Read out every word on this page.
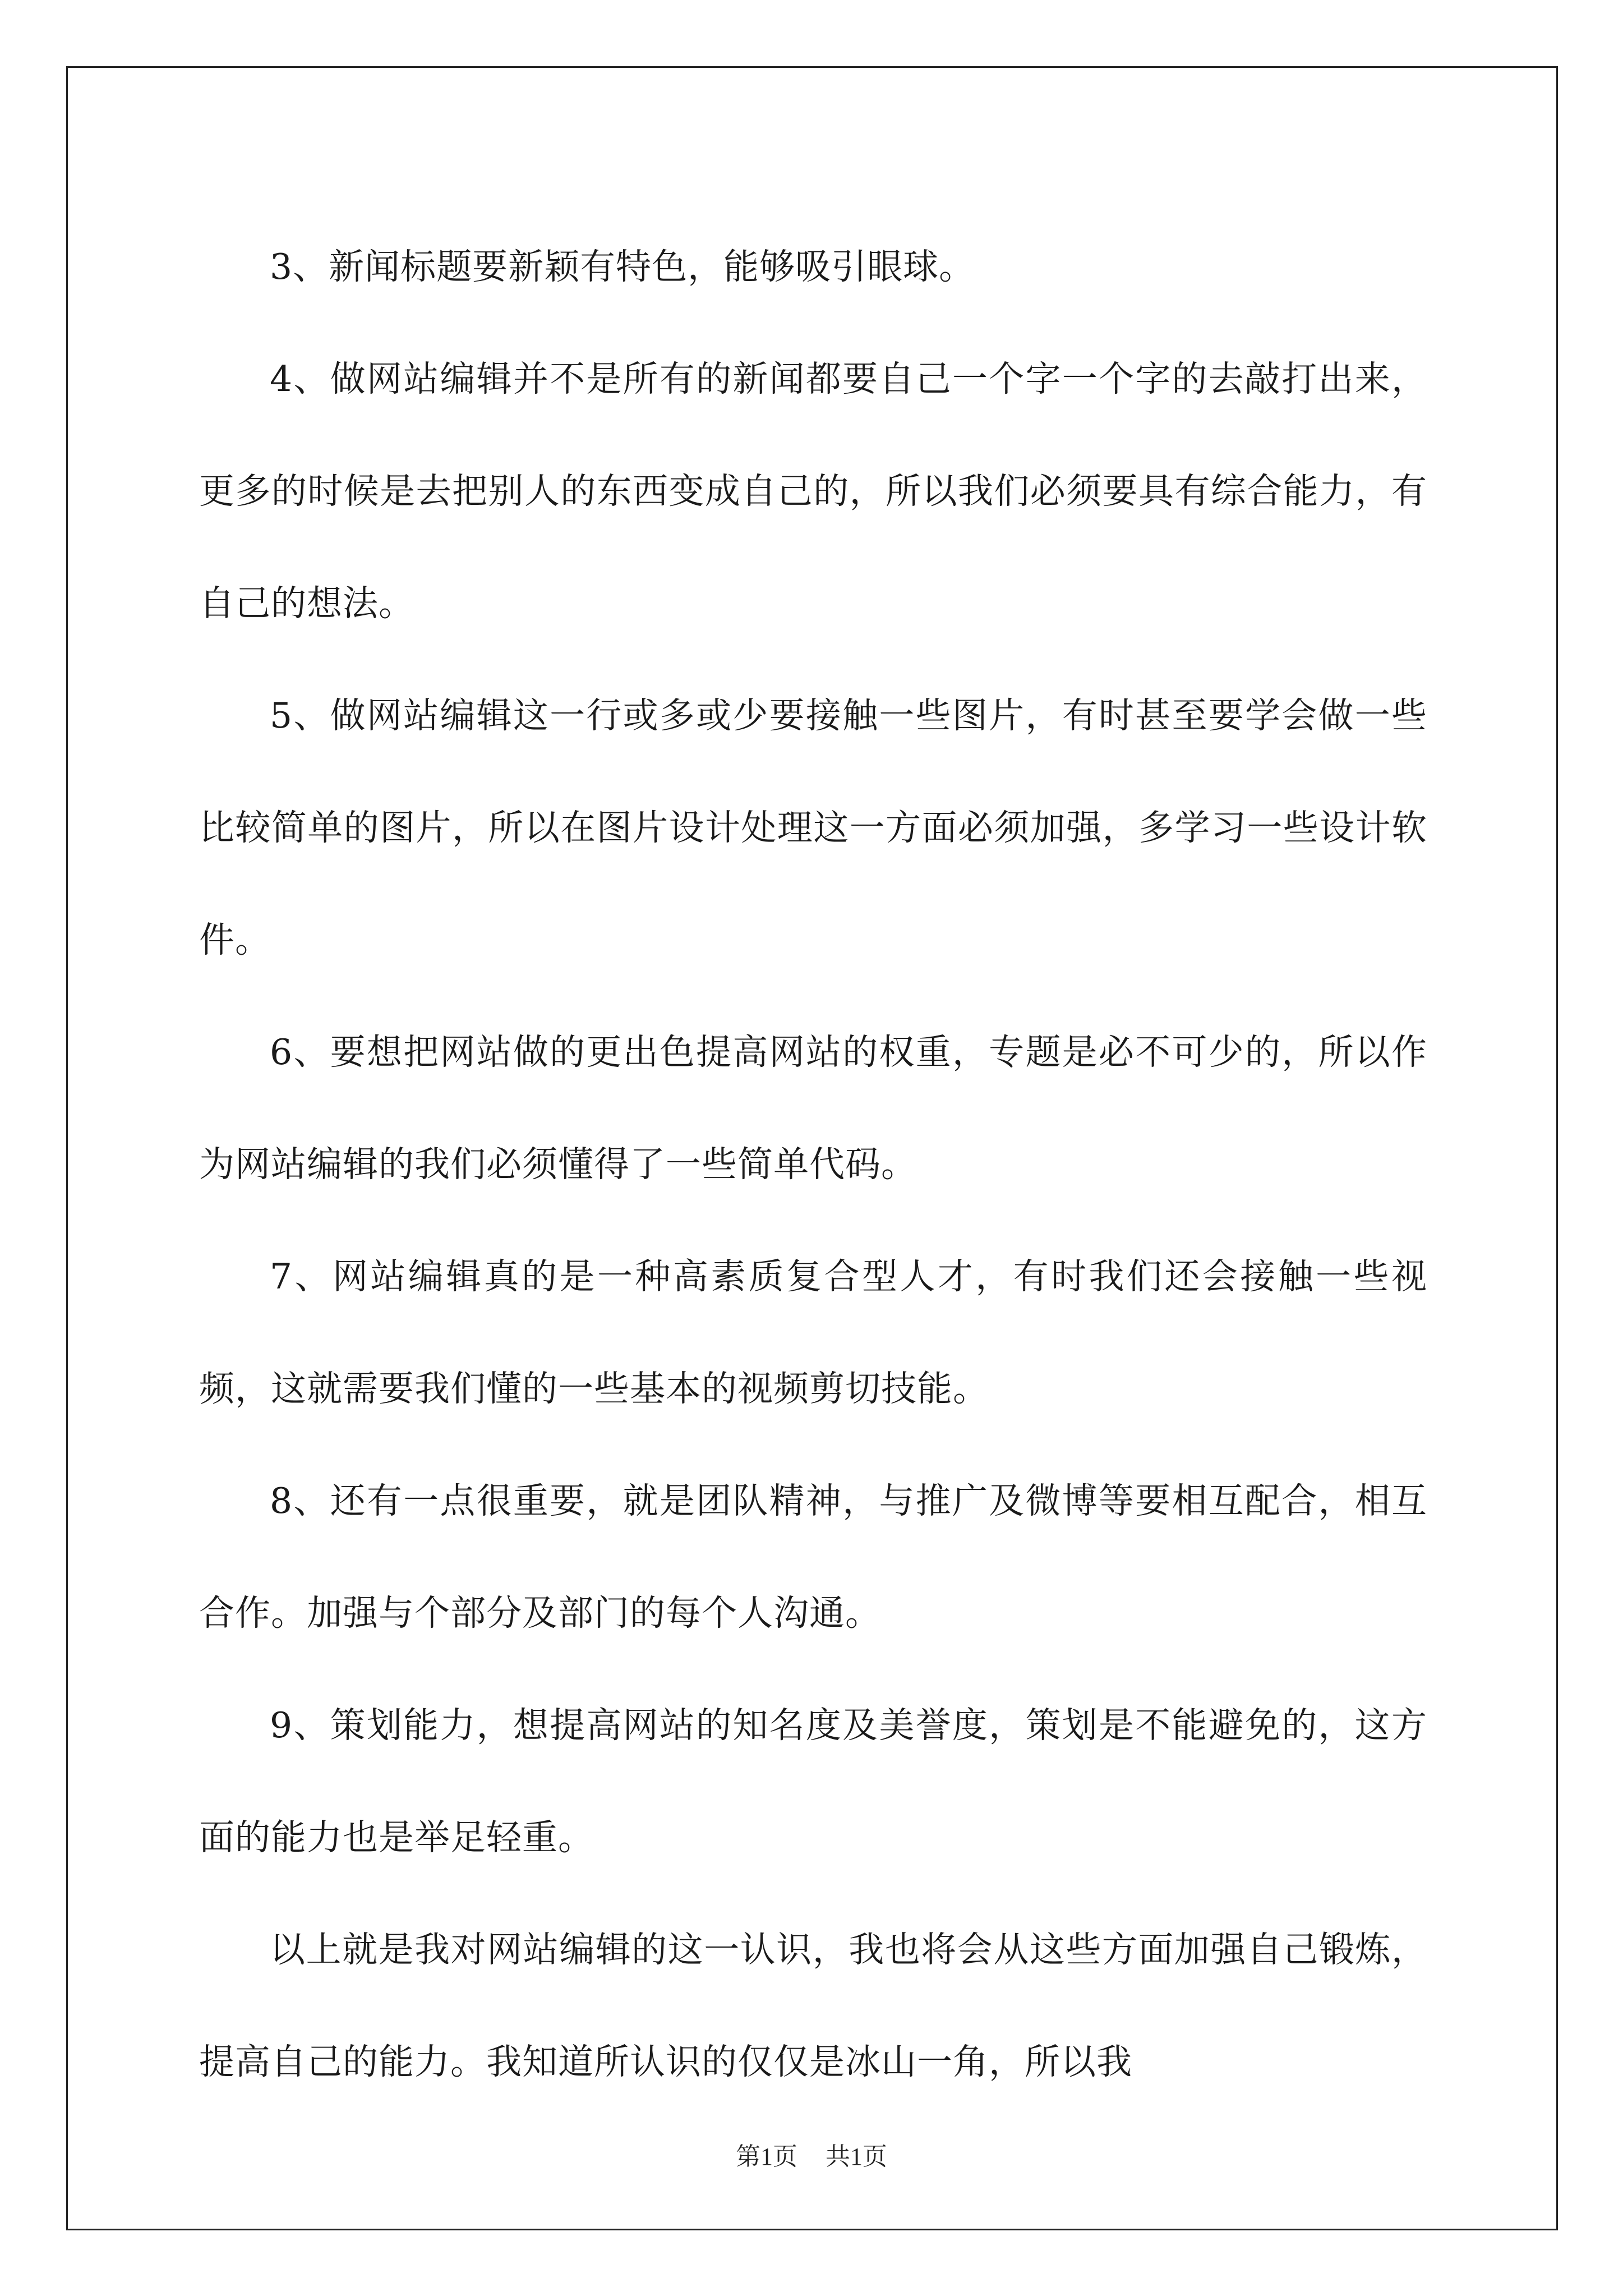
3、新闻标题要新颖有特色，能够吸引眼球。

4、做网站编辑并不是所有的新闻都要自己一个字一个字的去敲打出来，更多的时候是去把别人的东西变成自己的，所以我们必须要具有综合能力，有自己的想法。

5、做网站编辑这一行或多或少要接触一些图片，有时甚至要学会做一些比较简单的图片，所以在图片设计处理这一方面必须加强，多学习一些设计软件。

6、要想把网站做的更出色提高网站的权重，专题是必不可少的，所以作为网站编辑的我们必须懂得了一些简单代码。

7、网站编辑真的是一种高素质复合型人才，有时我们还会接触一些视频，这就需要我们懂的一些基本的视频剪切技能。

8、还有一点很重要，就是团队精神，与推广及微博等要相互配合，相互合作。加强与个部分及部门的每个人沟通。

9、策划能力，想提高网站的知名度及美誉度，策划是不能避免的，这方面的能力也是举足轻重。

以上就是我对网站编辑的这一认识，我也将会从这些方面加强自己锻炼，提高自己的能力。我知道所认识的仅仅是冰山一角，所以我

第1页 共1页
